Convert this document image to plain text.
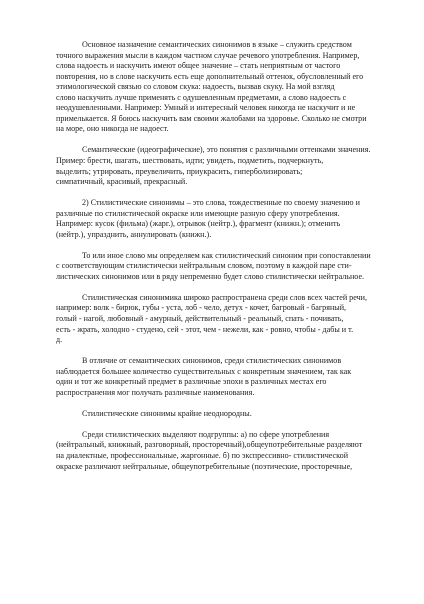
Основное назначение семантических синонимов в языке – служить средством
точного выражения мысли в каждом частном случае речевого употребления. Например,
слова надоесть и наскучить имеют общее значение – стать неприятным от частого
повторения, но в слове наскучить есть еще дополнительный оттенок, обусловленный его
этимологической связью со словом скука: надоесть, вызвав скуку. На мой взгляд
слово наскучить лучше применять с одушевленным предметами, а слово надоесть с
неодушевленными. Например: Умный и интересный человек никогда не наскучит и не
примелькается. Я боюсь наскучить вам своими жалобами на здоровье. Сколько не смотри
на море, оно никогда не надоест.
Семантические (идеографические), это понятия с различными оттенками значения.
Пример: брести, шагать, шествовать, идти; увидеть, подметить, подчеркнуть,
выделить; утрировать, преувеличить, приукрасить, гиперболизировать;
симпатичный, красивый, прекрасный.
2) Стилистические синонимы – это слова, тождественные по своему значению и
различные по стилистической окраске или имеющие разную сферу употребления.
Например: кусок (фильма) (жарг.), отрывок (нейтр.), фрагмент (книжн.); отменить
(нейтр.), упразднить, аннулировать (книжн.).
То или иное слово мы определяем как стилистический синоним при сопоставлении
с соответствующим стилистически нейтральным словом, поэтому в каждой паре сти-
листических синонимов или в ряду непременно будет слово стилистически нейтральное.
Стилистическая синонимика широко распространена среди слов всех частей речи,
например: волк - бирюк, губы - уста, лоб - чело, детух - кочет, багровый - багряный,
голый - нагой, любовный - амурный, действительный - реальный, спать - почивать,
есть - жрать, холодно - студено, сей - этот, чем - нежели, как - ровно, чтобы - дабы и т.
д.
В отличие от семантических синонимов, среди стилистических синонимов
наблюдается большее количество существительных с конкретным значением, так как
один и тот же конкретный предмет в различные эпохи в различных местах его
распространения мог получать различные наименования.
Стилистические синонимы крайне неоднородны.
Среди стилистических выделяют подгруппы: а) по сфере употребления
(нейтральный, книжный, разговорный, просторечный),общеупотребительные разделяют
на диалектные, профессиональные, жаргонные. б) по экспрессивно- стилистической
окраске различают нейтральные, общеупотребительные (поэтические, просторечные,
